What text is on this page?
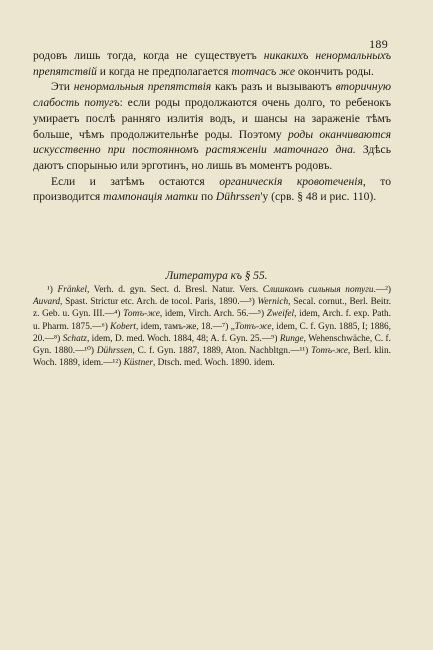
189

родовъ лишь тогда, когда не существуетъ никакихъ ненормальныхъ препятствій и когда не предполагается тотчасъ же окончить роды.

Эти ненормальныя препятствія какъ разъ и вызываютъ вторичную слабость потугъ: если роды продолжаются очень долго, то ребенокъ умираетъ послѣ ранняго излитія водъ, и шансы на зараженіе тѣмъ больше, чѣмъ продолжительнѣе роды. Поэтому роды оканчиваются искусственно при постоянномъ растяженіи маточнаго дна. Здѣсь даютъ спорынью или эрготинъ, но лишь въ моментъ родовъ.

Если и затѣмъ остаются органическія кровотеченія, то производится тампонація матки по Dührssen'у (срв. § 48 и рис. 110).

Литература къ § 55.

¹) Fränkel, Verh. d. gyn. Sect. d. Bresl. Natur. Vers. Слишкомъ сильныя потуги.—²) Auvard, Spast. Strictur etc. Arch. de tocol. Paris, 1890.—³) Wernich, Secal. cornut., Berl. Beitr. z. Geb. u. Gyn. III.—⁴) Тотъ-же, idem, Virch. Arch. 56.—⁵) Zweifel, idem, Arch. f. exp. Path. u. Pharm. 1875.—⁶) Kobert, idem, тамъ-же, 18.—⁷) „Тотъ-же, idem, C. f. Gyn. 1885, I; 1886, 20.—⁸) Schatz, idem, D. med. Woch. 1884, 48; A. f. Gyn. 25.—⁹) Runge, Wehenschwäche, C. f. Gyn. 1880.—¹⁰) Dührssen, C. f. Gyn. 1887, 1889, Aton. Nachbltgn.—¹¹) Тотъ-же, Berl. klin. Woch. 1889, idem.—¹²) Küstner, Dtsch. med. Woch. 1890. idem.
